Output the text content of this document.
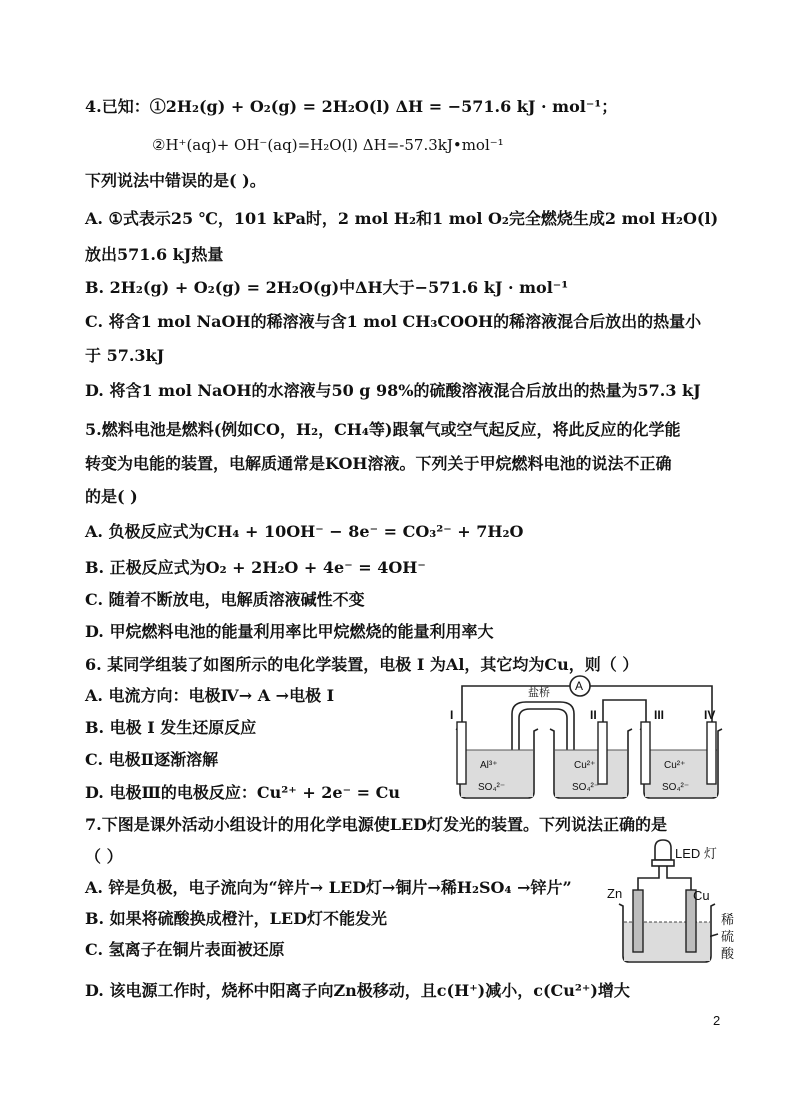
4.已知：①2H₂(g) + O₂(g) = 2H₂O(l) ΔH = −571.6 kJ · mol⁻¹；
②H⁺(aq)+ OH⁻(aq)=H₂O(l) ΔH=-57.3kJ•mol⁻¹
下列说法中错误的是( )。
A. ①式表示25 ℃，101 kPa时，2 mol H₂和1 mol O₂完全燃烧生成2 mol H₂O(l)
放出571.6 kJ热量
B. 2H₂(g) + O₂(g) = 2H₂O(g)中ΔH大于−571.6 kJ · mol⁻¹
C. 将含1 mol NaOH的稀溶液与含1 mol CH₃COOH的稀溶液混合后放出的热量小
于 57.3kJ
D. 将含1 mol NaOH的水溶液与50 g 98%的硫酸溶液混合后放出的热量为57.3 kJ
5.燃料电池是燃料(例如CO，H₂，CH₄等)跟氧气或空气起反应，将此反应的化学能
转变为电能的装置，电解质通常是KOH溶液。下列关于甲烷燃料电池的说法不正确
的是( )
A. 负极反应式为CH₄ + 10OH⁻ − 8e⁻ = CO₃²⁻ + 7H₂O
B. 正极反应式为O₂ + 2H₂O + 4e⁻ = 4OH⁻
C. 随着不断放电，电解质溶液碱性不变
D. 甲烷燃料电池的能量利用率比甲烷燃烧的能量利用率大
6. 某同学组装了如图所示的电化学装置，电极 Ⅰ 为Al，其它均为Cu，则（ ）
A. 电流方向：电极Ⅳ→ A →电极 Ⅰ
B. 电极 Ⅰ 发生还原反应
C. 电极Ⅱ逐渐溶解
D. 电极Ⅲ的电极反应：Cu²⁺ + 2e⁻ = Cu
A
盐桥
I	II	III	IV
Al³⁺
SO₄²⁻
Cu²⁺
SO₄²⁻
Cu²⁺
SO₄²⁻
7.下图是课外活动小组设计的用化学电源使LED灯发光的装置。下列说法正确的是
（ ）
A. 锌是负极，电子流向为“锌片→ LED灯→铜片→稀H₂SO₄ →锌片”
B. 如果将硫酸换成橙汁，LED灯不能发光
C. 氢离子在铜片表面被还原
D. 该电源工作时，烧杯中阳离子向Zn极移动，且c(H⁺)减小，c(Cu²⁺)增大
LED 灯
Zn	Cu
稀
硫
酸
2
